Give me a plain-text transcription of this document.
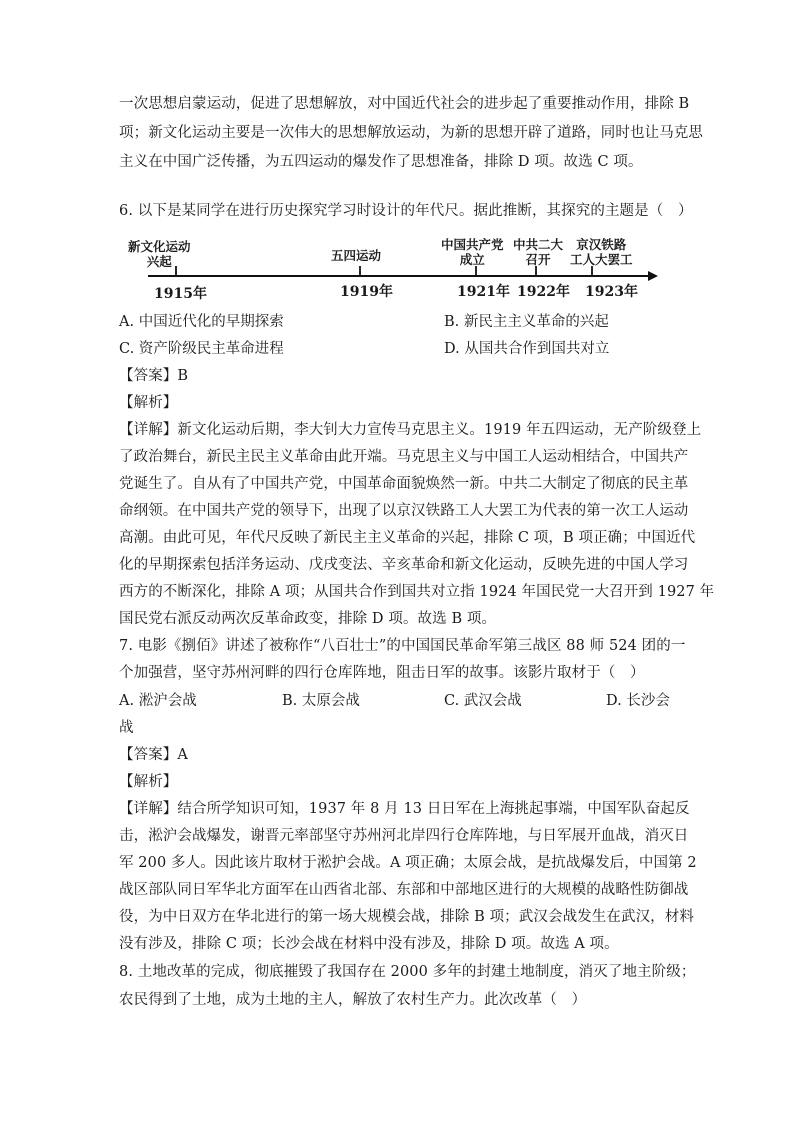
一次思想启蒙运动，促进了思想解放，对中国近代社会的进步起了重要推动作用，排除 B
项；新文化运动主要是一次伟大的思想解放运动，为新的思想开辟了道路，同时也让马克思
主义在中国广泛传播，为五四运动的爆发作了思想准备，排除 D 项。故选 C 项。
6. 以下是某同学在进行历史探究学习时设计的年代尺。据此推断，其探究的主题是（　）
新文化运动
兴起	五四运动
中国共产党
成立
中共二大
召开
京汉铁路
工人大罢工
1915年	1919年	1921年 1922年 1923年
A. 中国近代化的早期探索	B. 新民主主义革命的兴起
C. 资产阶级民主革命进程	D. 从国共合作到国共对立
【答案】B
【解析】
【详解】新文化运动后期，李大钊大力宣传马克思主义。1919 年五四运动，无产阶级登上
了政治舞台，新民主民主义革命由此开端。马克思主义与中国工人运动相结合，中国共产
党诞生了。自从有了中国共产党，中国革命面貌焕然一新。中共二大制定了彻底的民主革
命纲领。在中国共产党的领导下，出现了以京汉铁路工人大罢工为代表的第一次工人运动
高潮。由此可见，年代尺反映了新民主主义革命的兴起，排除 C 项，B 项正确；中国近代
化的早期探索包括洋务运动、戊戌变法、辛亥革命和新文化运动，反映先进的中国人学习
西方的不断深化，排除 A 项；从国共合作到国共对立指 1924 年国民党一大召开到 1927 年
国民党右派反动两次反革命政变，排除 D 项。故选 B 项。
7. 电影《捌佰》讲述了被称作“八百壮士”的中国国民革命军第三战区 88 师 524 团的一
个加强营，坚守苏州河畔的四行仓库阵地，阻击日军的故事。该影片取材于（　）
A. 淞沪会战	B. 太原会战	C. 武汉会战	D. 长沙会
战
【答案】A
【解析】
【详解】结合所学知识可知，1937 年 8 月 13 日日军在上海挑起事端，中国军队奋起反
击，淞沪会战爆发，谢晋元率部坚守苏州河北岸四行仓库阵地，与日军展开血战，消灭日
军 200 多人。因此该片取材于淞护会战。A 项正确；太原会战，是抗战爆发后，中国第 2
战区部队同日军华北方面军在山西省北部、东部和中部地区进行的大规模的战略性防御战
役，为中日双方在华北进行的第一场大规模会战，排除 B 项；武汉会战发生在武汉，材料
没有涉及，排除 C 项；长沙会战在材料中没有涉及，排除 D 项。故选 A 项。
8. 土地改革的完成，彻底摧毁了我国存在 2000 多年的封建土地制度，消灭了地主阶级；
农民得到了土地，成为土地的主人，解放了农村生产力。此次改革（　）
